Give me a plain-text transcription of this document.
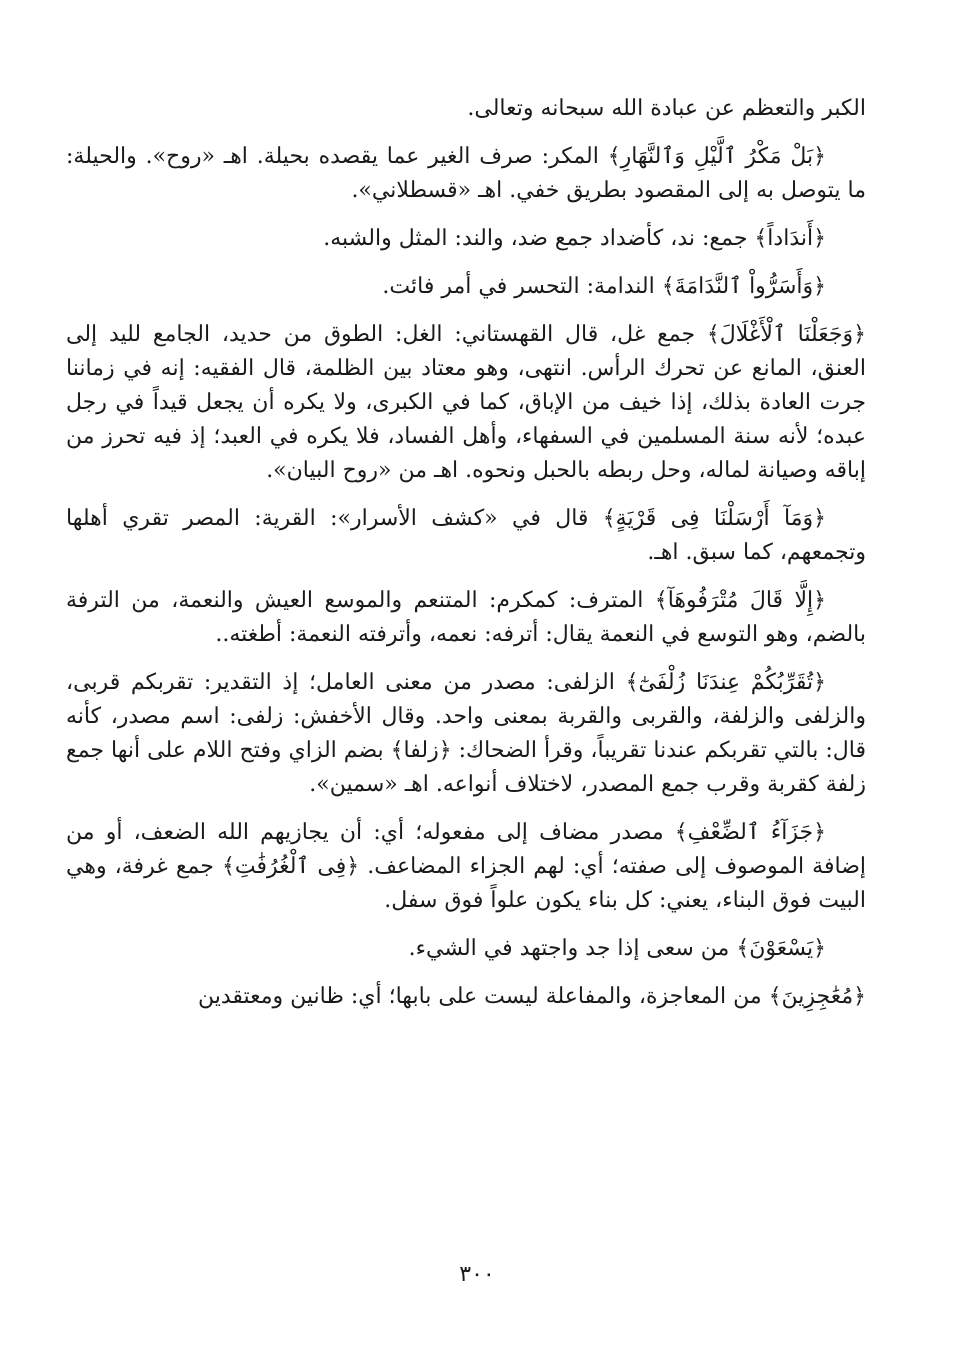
الكبر والتعظم عن عبادة الله سبحانه وتعالى.

﴿بَلْ مَكْرُ ٱلَّيْلِ وَٱلنَّهَارِ﴾ المكر: صرف الغير عما يقصده بحيلة. اهـ «روح». والحيلة: ما يتوصل به إلى المقصود بطريق خفي. اهـ «قسطلاني».

﴿أَندَاداً﴾ جمع: ند، كأضداد جمع ضد، والند: المثل والشبه.

﴿وَأَسَرُّواْ ٱلنَّدَامَةَ﴾ الندامة: التحسر في أمر فائت.

﴿وَجَعَلْنَا ٱلْأَغْلَالَ﴾ جمع غل، قال القهستاني: الغل: الطوق من حديد، الجامع لليد إلى العنق، المانع عن تحرك الرأس. انتهى، وهو معتاد بين الظلمة، قال الفقيه: إنه في زماننا جرت العادة بذلك، إذا خيف من الإباق، كما في الكبرى، ولا يكره أن يجعل قيداً في رجل عبده؛ لأنه سنة المسلمين في السفهاء، وأهل الفساد، فلا يكره في العبد؛ إذ فيه تحرز من إباقه وصيانة لماله، وحل ربطه بالحبل ونحوه. اهـ من «روح البيان».

﴿وَمَآ أَرْسَلْنَا فِى قَرْيَةٍ﴾ قال في «كشف الأسرار»: القرية: المصر تقري أهلها وتجمعهم، كما سبق. اهـ.

﴿إِلَّا قَالَ مُتْرَفُوهَآ﴾ المترف: كمكرم: المتنعم والموسع العيش والنعمة، من الترفة بالضم، وهو التوسع في النعمة يقال: أترفه: نعمه، وأترفته النعمة: أطغته..

﴿تُقَرِّبُكُمْ عِندَنَا زُلْفَىٰٓ﴾ الزلفى: مصدر من معنى العامل؛ إذ التقدير: تقربكم قربى، والزلفى والزلفة، والقربى والقربة بمعنى واحد. وقال الأخفش: زلفى: اسم مصدر، كأنه قال: بالتي تقربكم عندنا تقريباً، وقرأ الضحاك: ﴿زلفا﴾ بضم الزاي وفتح اللام على أنها جمع زلفة كقربة وقرب جمع المصدر، لاختلاف أنواعه. اهـ «سمين».

﴿جَزَآءُ ٱلضِّعْفِ﴾ مصدر مضاف إلى مفعوله؛ أي: أن يجازيهم الله الضعف، أو من إضافة الموصوف إلى صفته؛ أي: لهم الجزاء المضاعف. ﴿فِى ٱلْغُرُفَٰتِ﴾ جمع غرفة، وهي البيت فوق البناء، يعني: كل بناء يكون علواً فوق سفل.

﴿يَسْعَوْنَ﴾ من سعى إذا جد واجتهد في الشيء.

﴿مُعَٰجِزِينَ﴾ من المعاجزة، والمفاعلة ليست على بابها؛ أي: ظانين ومعتقدين

٣٠٠
